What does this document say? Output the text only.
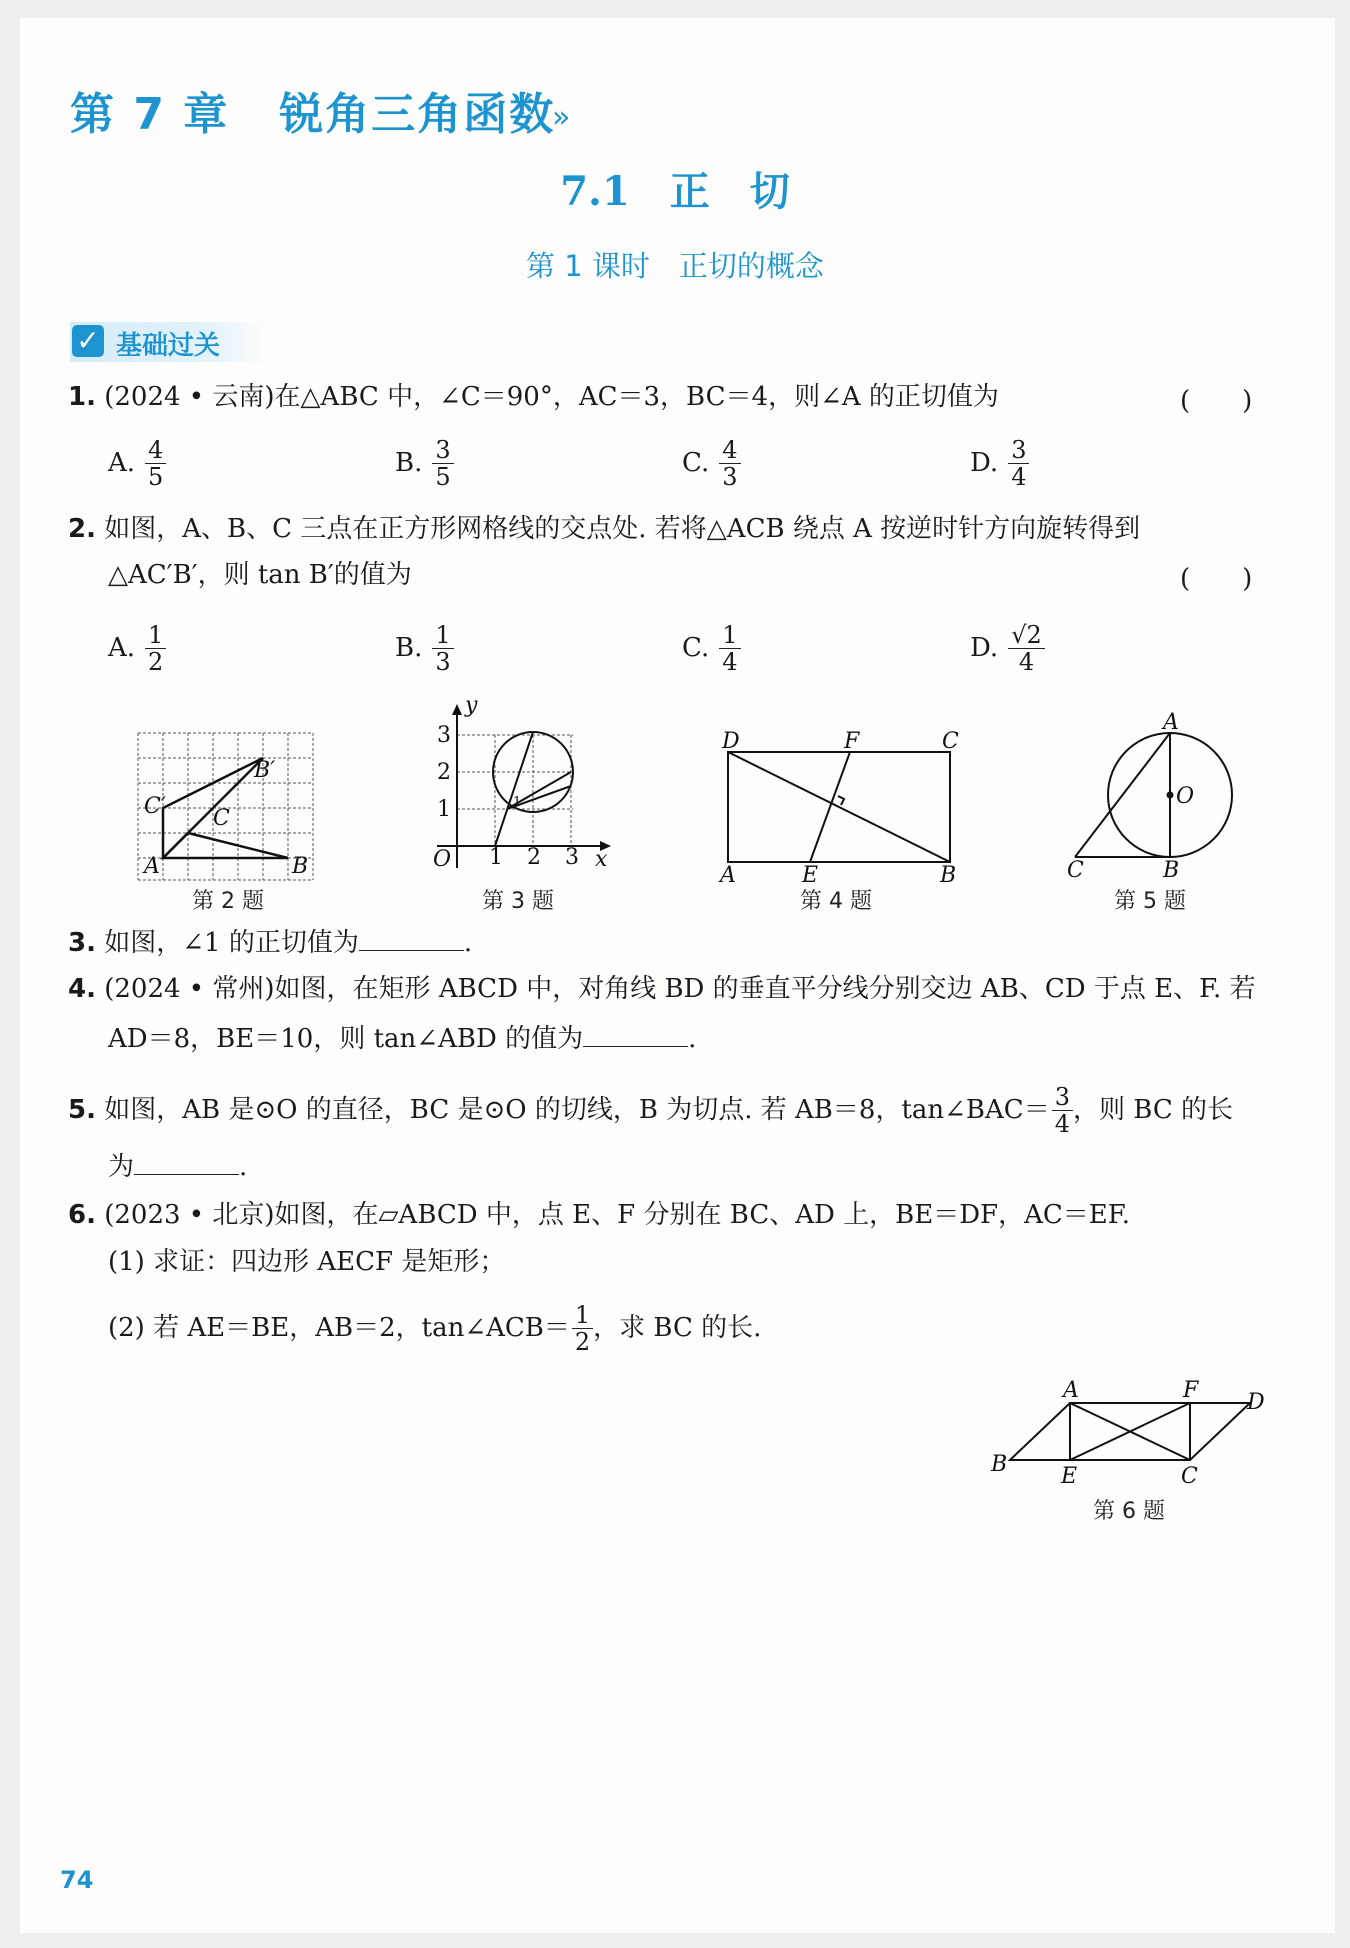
第 7 章 锐角三角函数
»
7.1　正　切
第 1 课时　正切的概念
✓ 基础过关
1. (2024 • 云南)在△ABC 中，∠C＝90°，AC＝3，BC＝4，则∠A 的正切值为	(　　)
A. $\frac{4}{5}$	B. $\frac{3}{5}$	C. $\frac{4}{3}$	D. $\frac{3}{4}$
2. 如图，A、B、C 三点在正方形网格线的交点处. 若将△ACB 绕点 A 按逆时针方向旋转得到
△AC′B′，则 tan B′的值为	(　　)
A. $\frac{1}{2}$	B. $\frac{1}{3}$	C. $\frac{1}{4}$	D. $\frac{√2}{4}$
C′
A	B
C
B′
第 2 题
y
x
O 1 2 3
1
2
3
1
第 3 题
D	F	C
A	E	B
第 4 题
A
O
C	B
第 5 题
3. 如图，∠1 的正切值为	.
4. (2024 • 常州)如图，在矩形 ABCD 中，对角线 BD 的垂直平分线分别交边 AB、CD 于点 E、F. 若
AD＝8，BE＝10，则 tan∠ABD 的值为	.
5.
如图，AB 是⊙O 的直径，BC 是⊙O 的切线，B 为切点. 若 AB＝8，tan∠BAC＝ $\frac{3}{4}$ ，则 BC 的长
为	.
6. (2023 • 北京)如图，在▱ABCD 中，点 E、F 分别在 BC、AD 上，BE＝DF，AC＝EF.
(1) 求证：四边形 AECF 是矩形；
(2) 若 AE＝BE，AB＝2，tan∠ACB＝ $\frac{1}{2}$ ，求 BC 的长.
A	F D
B E	C
第 6 题
74
